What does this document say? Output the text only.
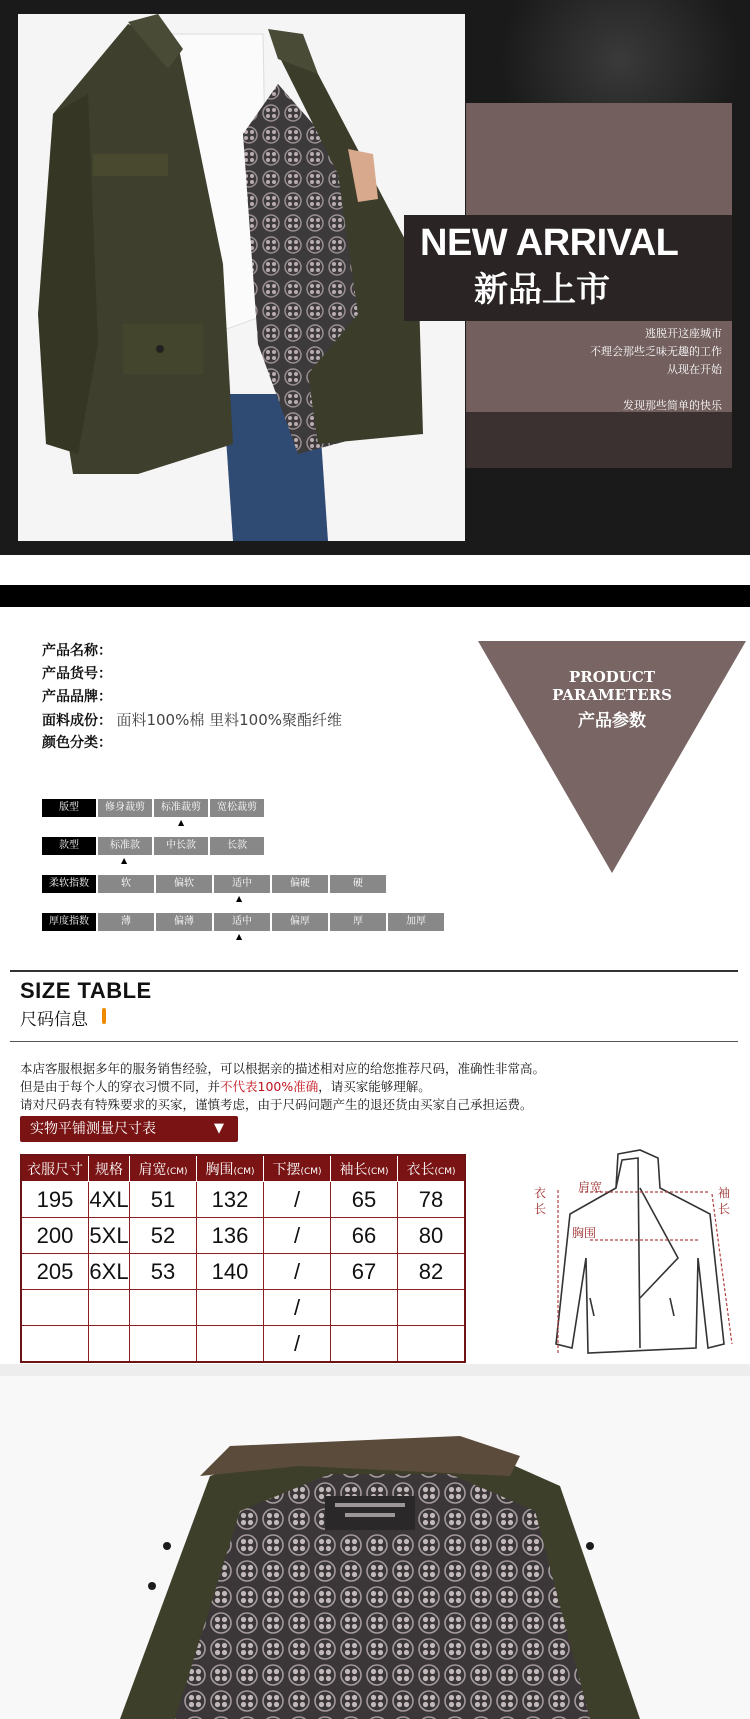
NEW ARRIVAL
新品上市
逃脱开这座城市
不理会那些乏味无趣的工作
从现在开始
发现那些简单的快乐
产品名称：
产品货号：
产品品牌：
面料成份： 面料100%棉 里料100%聚酯纤维
颜色分类：
PRODUCT
PARAMETERS
产品参数
版型	修身裁剪	标准裁剪	宽松裁剪
▲
款型	标准款	中长款	长款
▲
柔软指数	软	偏软	适中	偏硬	硬
▲
厚度指数	薄	偏薄	适中	偏厚	厚	加厚
▲
SIZE TABLE
尺码信息
本店客服根据多年的服务销售经验，可以根据亲的描述相对应的给您推荐尺码，准确性非常高。
但是由于每个人的穿衣习惯不同，并不代表100%准确，请买家能够理解。
请对尺码表有特殊要求的买家，谨慎考虑，由于尺码问题产生的退还货由买家自己承担运费。
实物平铺测量尺寸表	▼
衣服尺寸	规格	肩宽(CM)	胸围(CM)	下摆(CM)	袖长(CM)	衣长(CM)
195	4XL	51	132	/	65	78
200	5XL	52	136	/	66	80
205	6XL	53	140	/	67	82
				/		
				/		
衣
长
肩宽
胸围
袖
长
